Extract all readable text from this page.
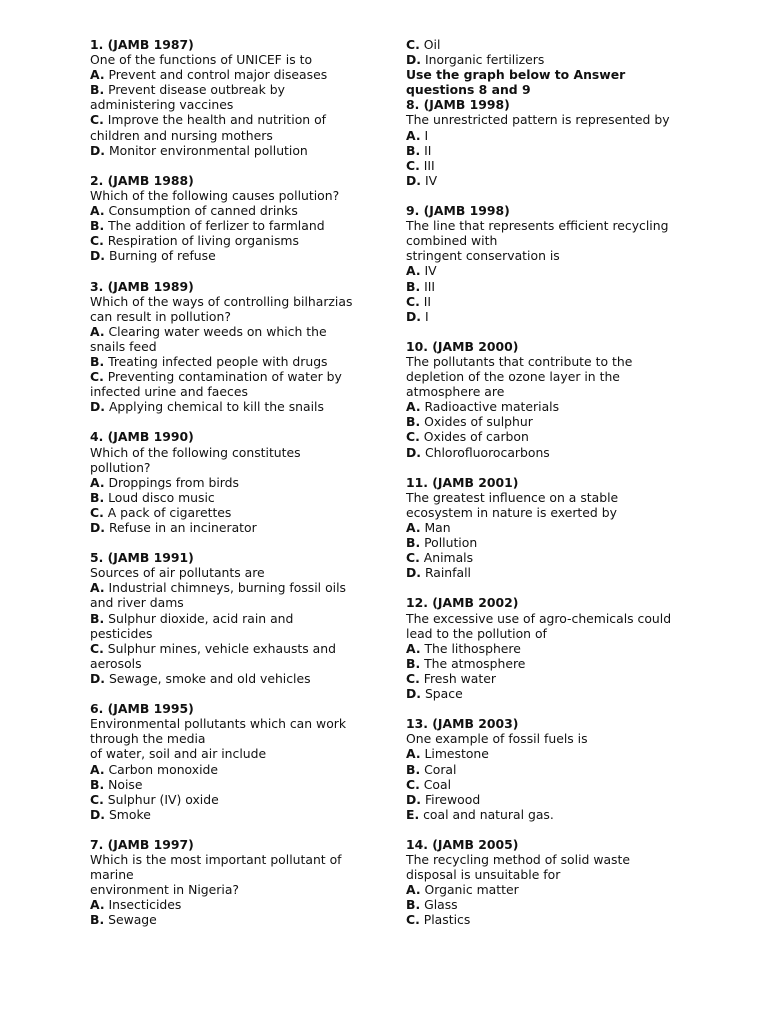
1. (JAMB 1987)
One of the functions of UNICEF is to
A. Prevent and control major diseases
B. Prevent disease outbreak by
administering vaccines
C. Improve the health and nutrition of
children and nursing mothers
D. Monitor environmental pollution
2. (JAMB 1988)
Which of the following causes pollution?
A. Consumption of canned drinks
B. The addition of ferlizer to farmland
C. Respiration of living organisms
D. Burning of refuse
3. (JAMB 1989)
Which of the ways of controlling bilharzias
can result in pollution?
A. Clearing water weeds on which the
snails feed
B. Treating infected people with drugs
C. Preventing contamination of water by
infected urine and faeces
D. Applying chemical to kill the snails
4. (JAMB 1990)
Which of the following constitutes
pollution?
A. Droppings from birds
B. Loud disco music
C. A pack of cigarettes
D. Refuse in an incinerator
5. (JAMB 1991)
Sources of air pollutants are
A. Industrial chimneys, burning fossil oils
and river dams
B. Sulphur dioxide, acid rain and
pesticides
C. Sulphur mines, vehicle exhausts and
aerosols
D. Sewage, smoke and old vehicles
6. (JAMB 1995)
Environmental pollutants which can work
through the media
of water, soil and air include
A. Carbon monoxide
B. Noise
C. Sulphur (IV) oxide
D. Smoke
7. (JAMB 1997)
Which is the most important pollutant of
marine
environment in Nigeria?
A. Insecticides
B. Sewage
C. Oil
D. Inorganic fertilizers
Use the graph below to Answer
questions 8 and 9
8. (JAMB 1998)
The unrestricted pattern is represented by
A. I
B. II
C. III
D. IV
9. (JAMB 1998)
The line that represents efficient recycling
combined with
stringent conservation is
A. IV
B. III
C. II
D. I
10. (JAMB 2000)
The pollutants that contribute to the
depletion of the ozone layer in the
atmosphere are
A. Radioactive materials
B. Oxides of sulphur
C. Oxides of carbon
D. Chlorofluorocarbons
11. (JAMB 2001)
The greatest influence on a stable
ecosystem in nature is exerted by
A. Man
B. Pollution
C. Animals
D. Rainfall
12. (JAMB 2002)
The excessive use of agro-chemicals could
lead to the pollution of
A. The lithosphere
B. The atmosphere
C. Fresh water
D. Space
13. (JAMB 2003)
One example of fossil fuels is
A. Limestone
B. Coral
C. Coal
D. Firewood
E. coal and natural gas.
14. (JAMB 2005)
The recycling method of solid waste
disposal is unsuitable for
A. Organic matter
B. Glass
C. Plastics
